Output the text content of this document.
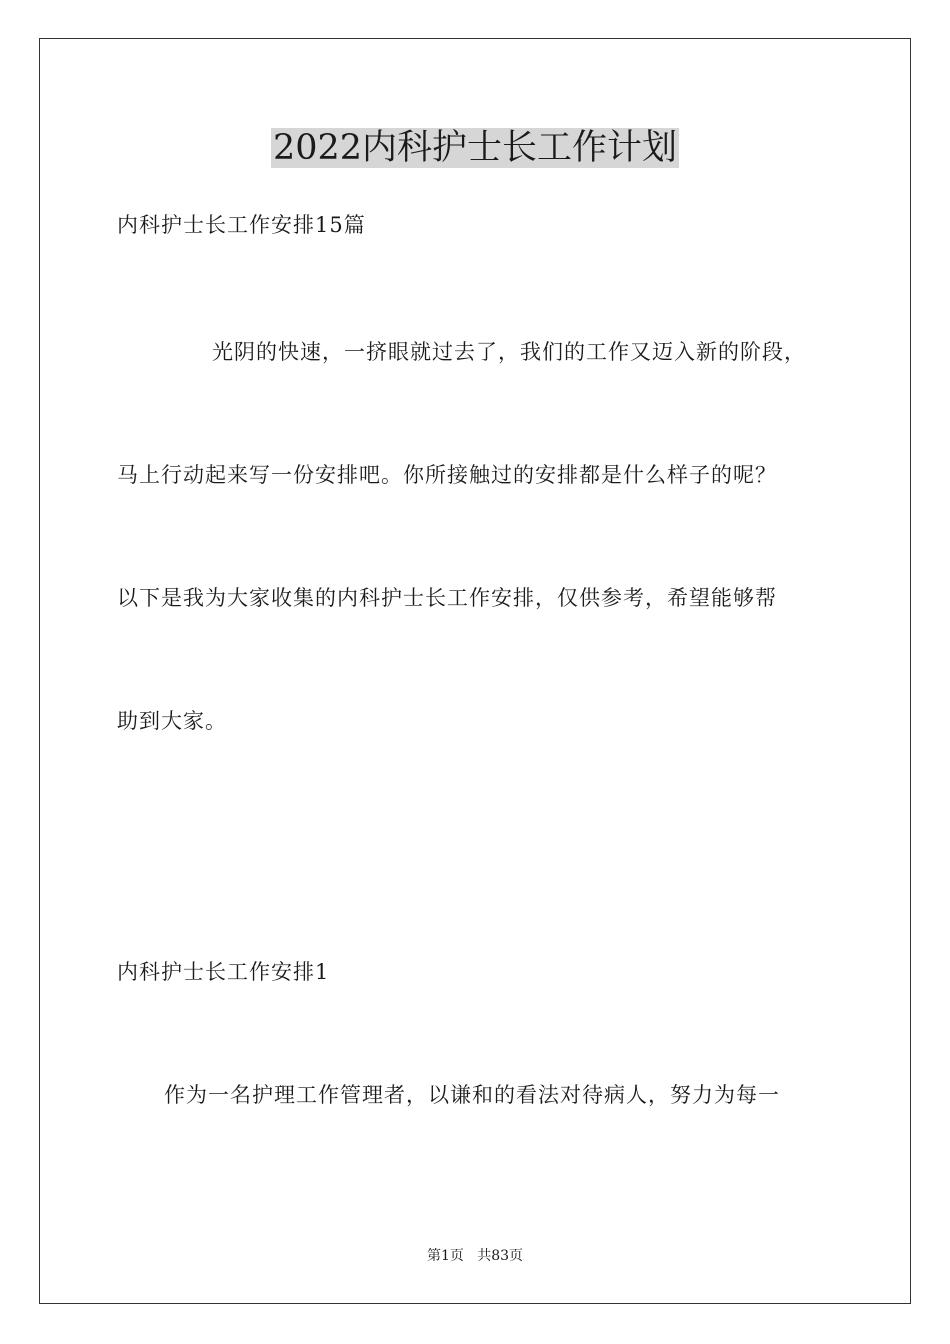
2022内科护士长工作计划

内科护士长工作安排15篇

光阴的快速，一挤眼就过去了，我们的工作又迈入新的阶段，

马上行动起来写一份安排吧。你所接触过的安排都是什么样子的呢？

以下是我为大家收集的内科护士长工作安排，仅供参考，希望能够帮

助到大家。

内科护士长工作安排1

作为一名护理工作管理者，以谦和的看法对待病人，努力为每一

第1页   共83页
